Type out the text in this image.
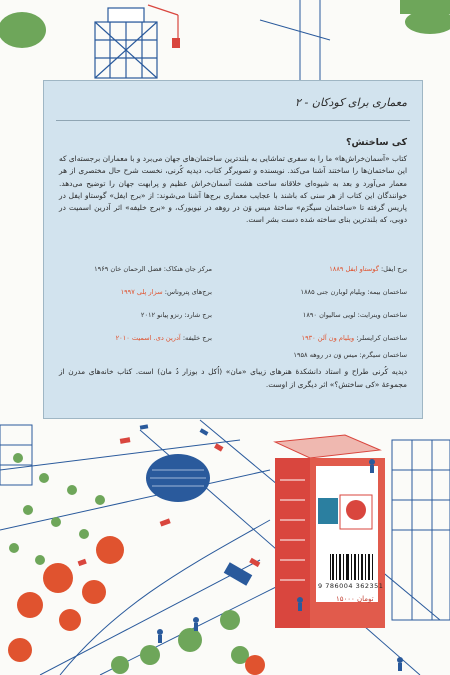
معماری برای کودکان - ۲
کی ساختش؟
کتاب «آسمان‌خراش‌ها» ما را به سفری تماشایی به بلندترین ساختمان‌های جهان می‌برد و با معماران برجسته‌ای که این ساختمان‌ها را ساختند آشنا می‌کند. نویسنده و تصویرگر کتاب، دیدیه کُرنی، نخست شرح حال مختصری از هر معمار می‌آورد و بعد به شیوه‌ای خلاقانه ساخت هشت آسمان‌خراش عظیم و پرابهت جهان را توضیح می‌دهد. خوانندگان این کتاب از هر سنی که باشند با عجایب معماری برج‌ها آشنا می‌شوند: از «برج ایفل» گوستاو ایفل در پاریس گرفته تا «ساختمان سیگرَم» ساختهٔ میس وَن در روهه در نیویورک، و «برج خلیفه» اثر آدرین اسمیت در دوبی، که بلندترین بنای ساخته شده دست بشر است.
برج ایفل: گوستاو ایفل ۱۸۸۹
مرکز جان هنکاک: فضل الرحمان خان ۱۹۶۹
ساختمان بیمه: ویلیام لوبارن جنی ۱۸۸۵
برج‌های پتروناس: سزار پلی ۱۹۹۷
ساختمان وینرایت: لویی سالیوان ۱۸۹۰
برج شارد: رنزو پیانو ۲۰۱۲
ساختمان کرایسلر: ویلیام ون آلن ۱۹۳۰
برج خلیفه: آدرین دی. اسمیت ۲۰۱۰
ساختمان سیگرم: میس وَن در روهه ۱۹۵۸
دیدیه کُرنی طراح و استاد دانشکدهٔ هنرهای زیبای «مان» (اُکل د بوزار دُ مان) است. کتاب خانه‌های مدرن از مجموعهٔ «کی ساختش؟» اثر دیگری از اوست.
9 786004 362351
۱۵۰۰۰ تومان
